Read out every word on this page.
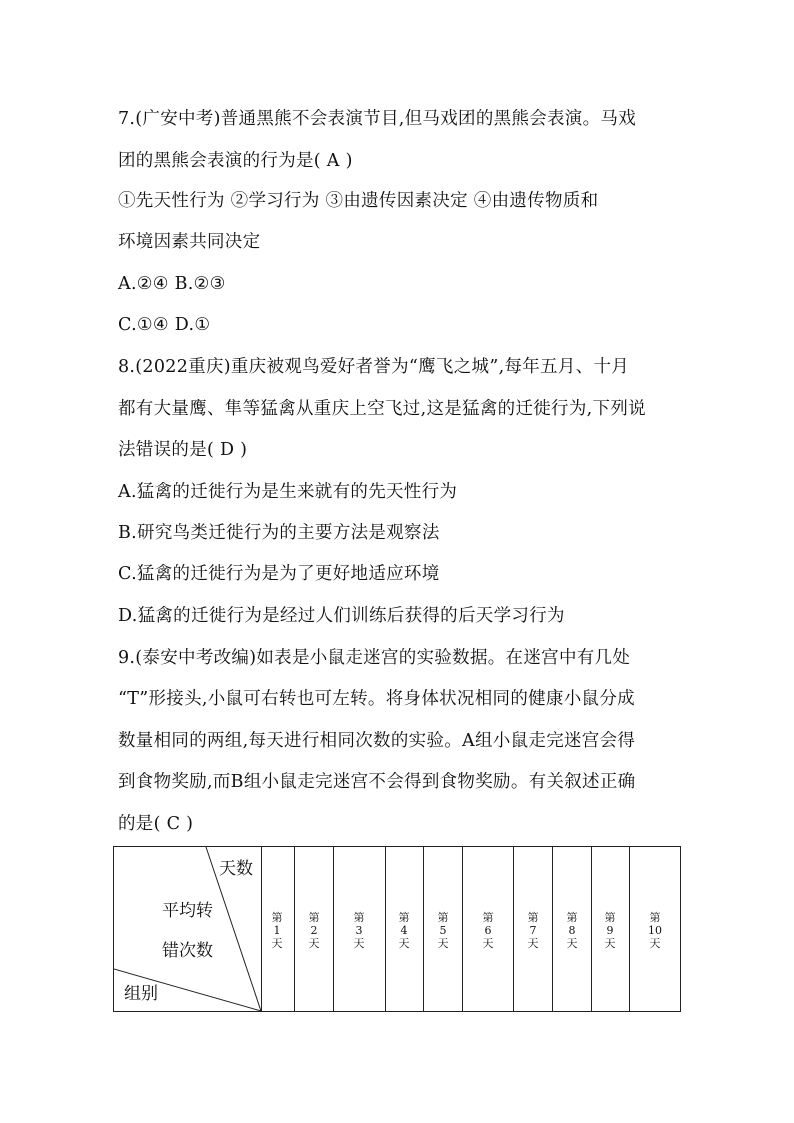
7.(广安中考)普通黑熊不会表演节目,但马戏团的黑熊会表演。马戏
团的黑熊会表演的行为是( A )
①先天性行为 ②学习行为 ③由遗传因素决定 ④由遗传物质和
环境因素共同决定
A.②④ B.②③
C.①④ D.①
8.(2022重庆)重庆被观鸟爱好者誉为“鹰飞之城”,每年五月、十月
都有大量鹰、隼等猛禽从重庆上空飞过,这是猛禽的迁徙行为,下列说
法错误的是( D )
A.猛禽的迁徙行为是生来就有的先天性行为
B.研究鸟类迁徙行为的主要方法是观察法
C.猛禽的迁徙行为是为了更好地适应环境
D.猛禽的迁徙行为是经过人们训练后获得的后天学习行为
9.(泰安中考改编)如表是小鼠走迷宫的实验数据。在迷宫中有几处
“T”形接头,小鼠可右转也可左转。将身体状况相同的健康小鼠分成
数量相同的两组,每天进行相同次数的实验。A组小鼠走完迷宫会得
到食物奖励,而B组小鼠走完迷宫不会得到食物奖励。有关叙述正确
的是( C )
天数
平均转
错次数
组别
第
1
天
第
2
天
第
3
天
第
4
天
第
5
天
第
6
天
第
7
天
第
8
天
第
9
天
第
10
天
